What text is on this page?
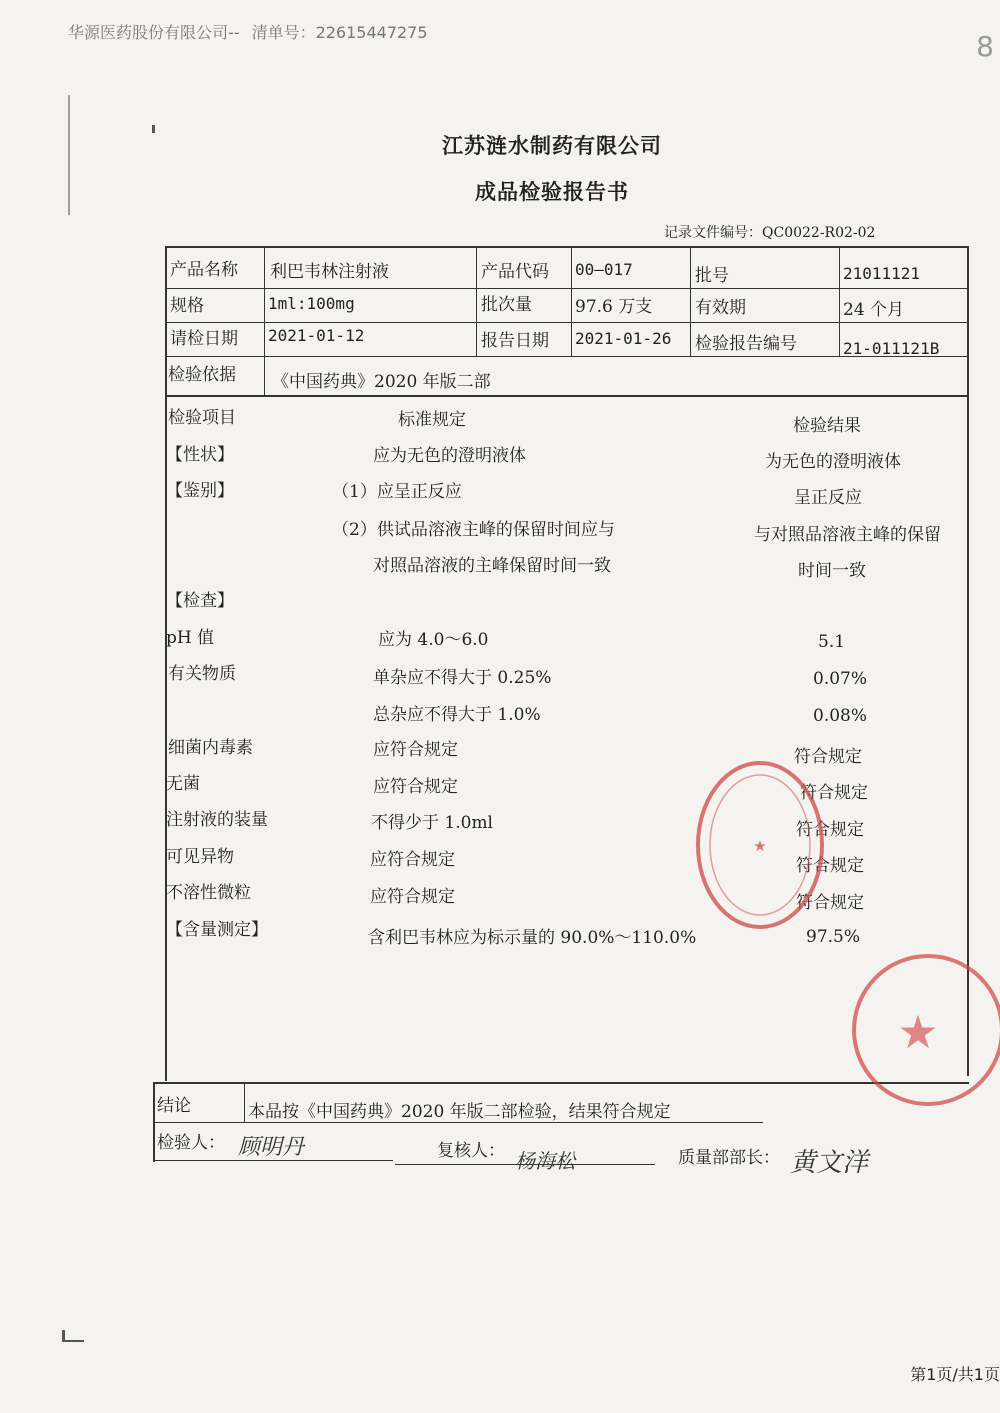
华源医药股份有限公司-- 清单号：22615447275	8
江苏涟水制药有限公司
成品检验报告书
记录文件编号：QC0022-R02-02
产品名称 利巴韦林注射液	产品代码 00—017	批号	21011121
规格	1ml:100mg	批次量	97.6 万支	有效期	24 个月
请检日期 2021-01-12	报告日期 2021-01-26 检验报告编号	21-011121B
检验依据 《中国药典》2020 年版二部
检验项目	标准规定	检验结果
【性状】	应为无色的澄明液体	为无色的澄明液体
【鉴别】	（1）应呈正反应	呈正反应
（2）供试品溶液主峰的保留时间应与	与对照品溶液主峰的保留
对照品溶液的主峰保留时间一致	时间一致
【检查】
pH 值	应为 4.0～6.0	5.1
有关物质	单杂应不得大于 0.25%	0.07%
总杂应不得大于 1.0%	0.08%
细菌内毒素	应符合规定	符合规定
无菌	应符合规定	符合规定
注射液的装量	不得少于 1.0ml	符合规定
可见异物	应符合规定	符合规定
不溶性微粒	应符合规定	符合规定
【含量测定】	含利巴韦林应为标示量的 90.0%～110.0%	97.5%
结论	本品按《中国药典》2020 年版二部检验，结果符合规定
检验人： 顾明丹	复核人： 杨海松	质量部部长： 黄文洋
★
★
第1页/共1页
